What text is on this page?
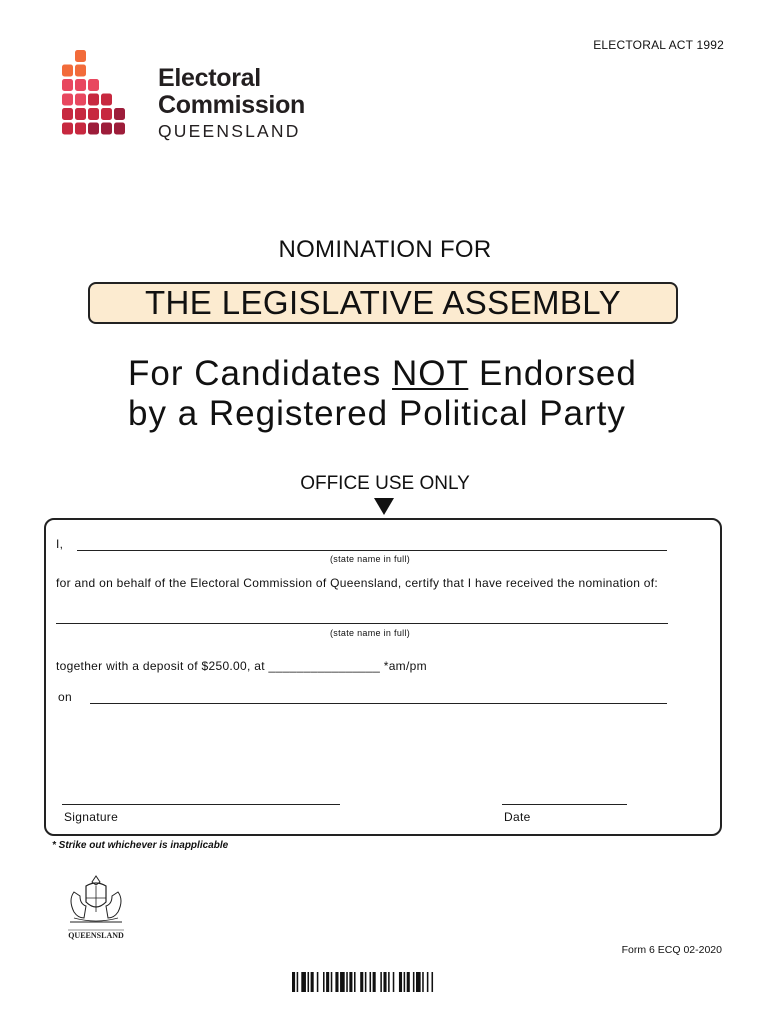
ELECTORAL ACT 1992
Electoral
Commission
QUEENSLAND
NOMINATION FOR
THE LEGISLATIVE ASSEMBLY
For Candidates NOT Endorsed
by a Registered Political Party
OFFICE USE ONLY
I,
(state name in full)
for and on behalf of the Electoral Commission of Queensland, certify that I have received the nomination of:
(state name in full)
together with a deposit of $250.00, at ________________ *am/pm
on
Signature	Date
* Strike out whichever is inapplicable
QUEENSLAND
Form 6 ECQ 02-2020
